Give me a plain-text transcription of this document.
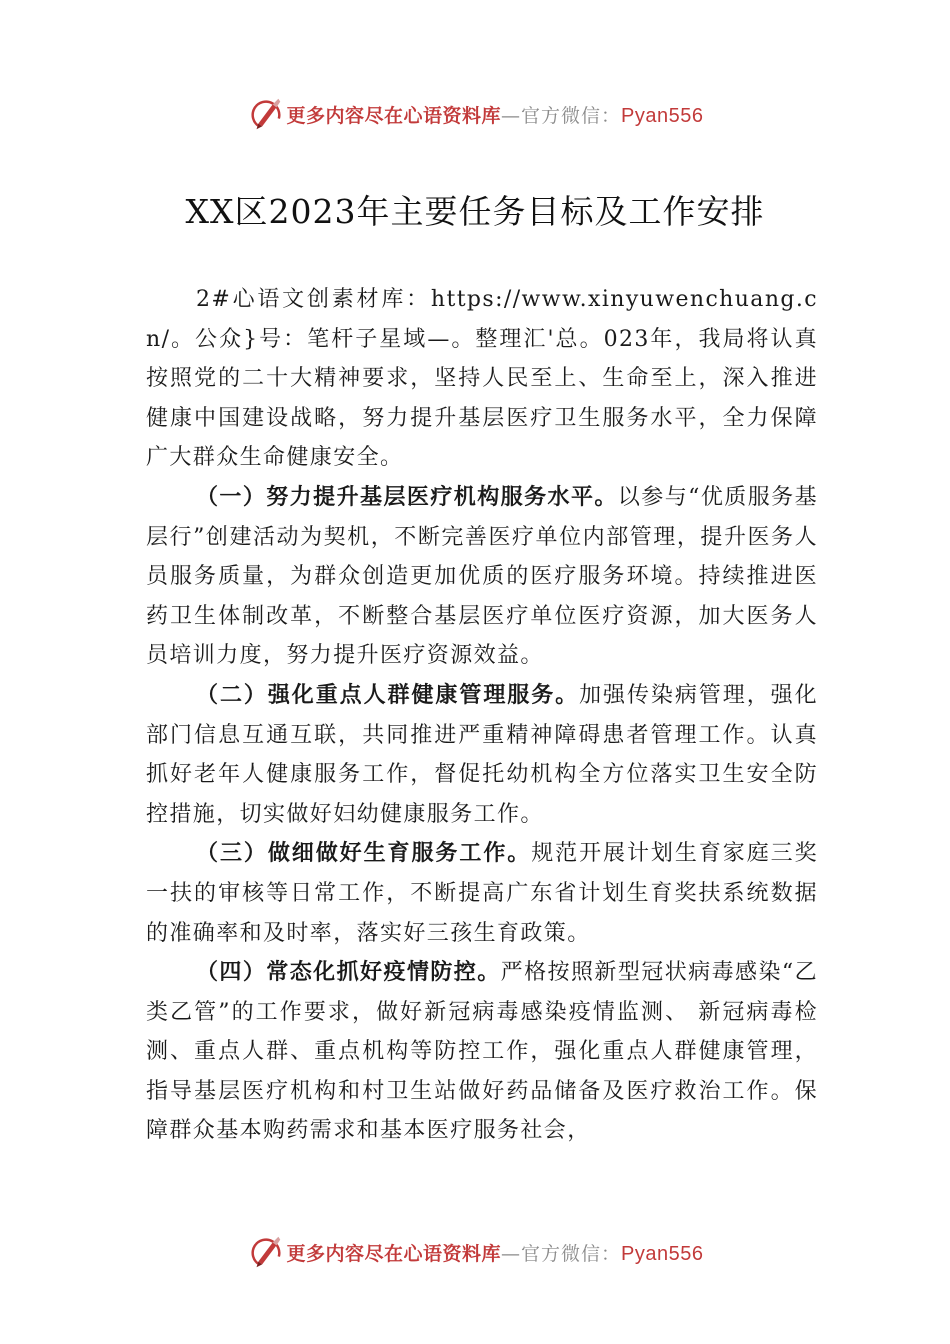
更多内容尽在心语资料库 — 官方微信： Pyan556
XX区2023年主要任务目标及工作安排

2#心语文创素材库：https://www.xinyuwenchuang.cn/。公众}号：笔杆子星域—。整理汇'总。023年，我局将认真按照党的二十大精神要求，坚持人民至上、生命至上，深入推进健康中国建设战略，努力提升基层医疗卫生服务水平，全力保障广大群众生命健康安全。

（一）努力提升基层医疗机构服务水平。以参与“优质服务基层行”创建活动为契机，不断完善医疗单位内部管理，提升医务人员服务质量，为群众创造更加优质的医疗服务环境。持续推进医药卫生体制改革，不断整合基层医疗单位医疗资源，加大医务人 员培训力度，努力提升医疗资源效益。

（二）强化重点人群健康管理服务。加强传染病管理，强化部门信息互通互联，共同推进严重精神障碍患者管理工作。认真抓好老年人健康服务工作，督促托幼机构全方位落实卫生安全防控措施，切实做好妇幼健康服务工作。

（三）做细做好生育服务工作。规范开展计划生育家庭三奖一扶的审核等日常工作，不断提高广东省计划生育奖扶系统数据的准确率和及时率，落实好三孩生育政策。

（四）常态化抓好疫情防控。严格按照新型冠状病毒感染“乙类乙管”的工作要求，做好新冠病毒感染疫情监测、 新冠病毒检测、重点人群、重点机构等防控工作，强化重点人群健康管理，指导基层医疗机构和村卫生站做好药品储备及医疗救治工作。保障群众基本购药需求和基本医疗服务社会，

更多内容尽在心语资料库 — 官方微信： Pyan556
